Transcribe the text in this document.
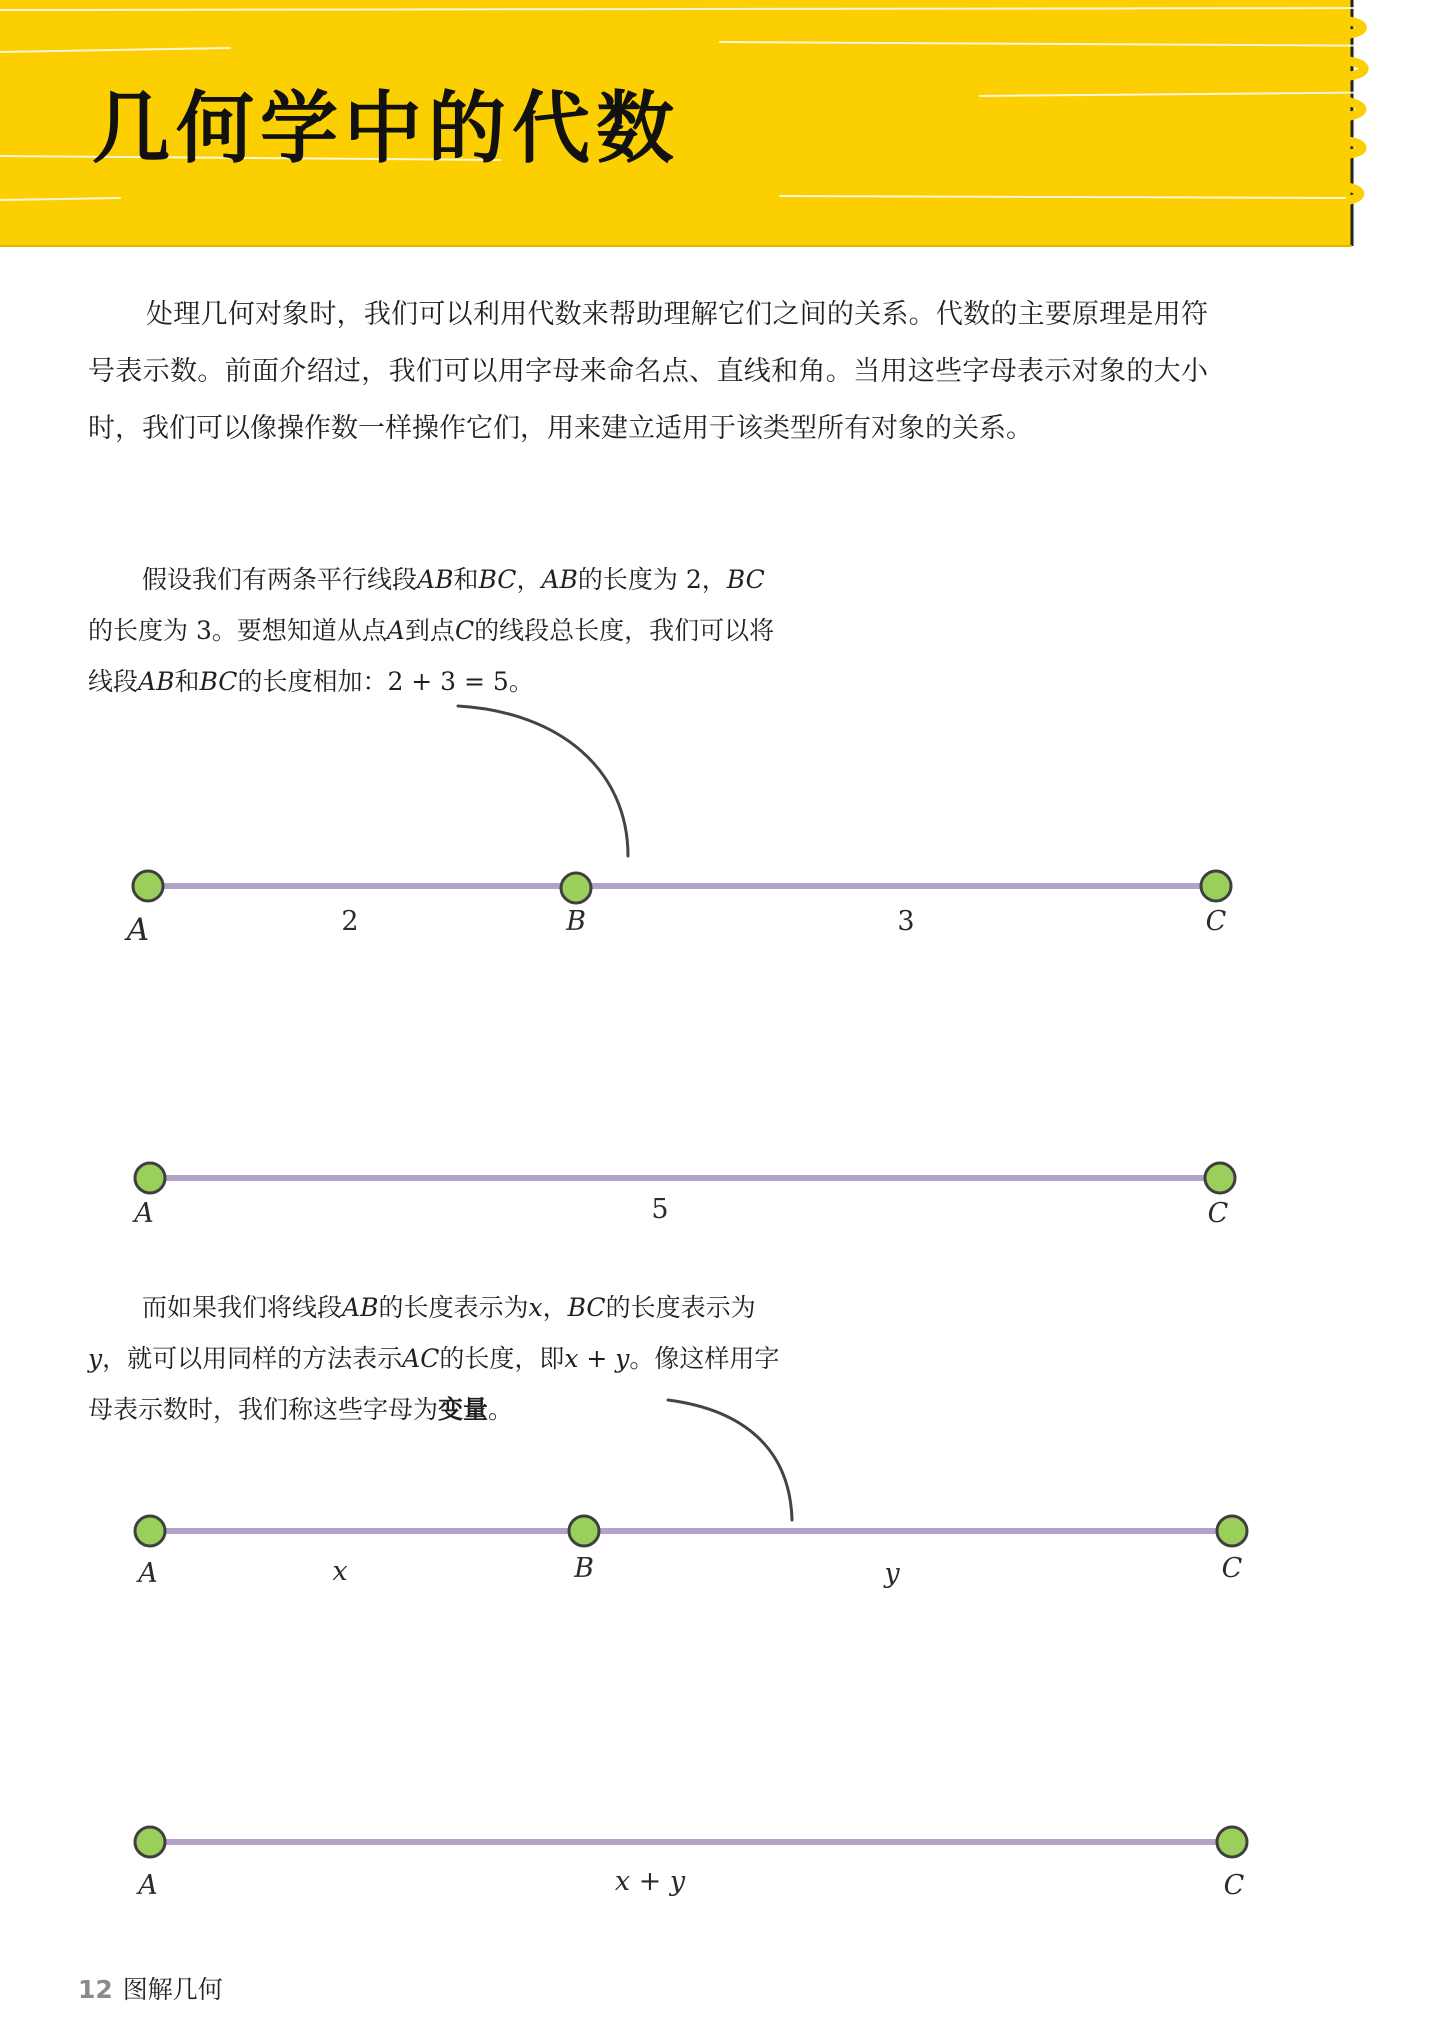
几何学中的代数

处理几何对象时，我们可以利用代数来帮助理解它们之间的关系。代数的主要原理是用符号表示数。前面介绍过，我们可以用字母来命名点、直线和角。当用这些字母表示对象的大小时，我们可以像操作数一样操作它们，用来建立适用于该类型所有对象的关系。

假设我们有两条平行线段AB和BC，AB的长度为 2，BC的长度为 3。要想知道从点A到点C的线段总长度，我们可以将线段AB和BC的长度相加：2 + 3 = 5。

而如果我们将线段AB的长度表示为x，BC的长度表示为y，就可以用同样的方法表示AC的长度，即x + y。像这样用字母表示数时，我们称这些字母为变量。

A	B	C
2	3
A	C
5
A	B	C
x	y
A	C
x + y

12 图解几何
